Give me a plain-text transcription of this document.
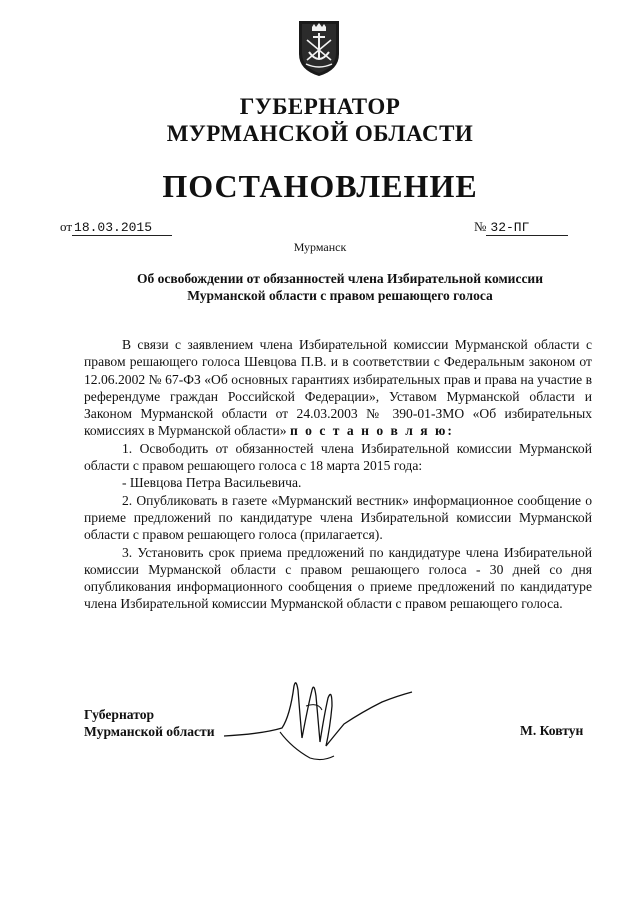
ГУБЕРНАТОР
МУРМАНСКОЙ ОБЛАСТИ
ПОСТАНОВЛЕНИЕ
от 18.03.2015	№ 32-ПГ
Мурманск
Об освобождении от обязанностей члена Избирательной комиссии
Мурманской области с правом решающего голоса

В связи с заявлением члена Избирательной комиссии Мурманской области с правом решающего голоса Шевцова П.В. и в соответствии с Федеральным законом от 12.06.2002 № 67-ФЗ «Об основных гарантиях избирательных прав и права на участие в референдуме граждан Российской Федерации», Уставом Мурманской области и Законом Мурманской области от 24.03.2003 № 390-01-ЗМО «Об избирательных комиссиях в Мурманской области» п о с т а н о в л я ю:

1. Освободить от обязанностей члена Избирательной комиссии Мурманской области с правом решающего голоса с 18 марта 2015 года:

- Шевцова Петра Васильевича.

2. Опубликовать в газете «Мурманский вестник» информационное сообщение о приеме предложений по кандидатуре члена Избирательной комиссии Мурманской области с правом решающего голоса (прилагается).

3. Установить срок приема предложений по кандидатуре члена Избирательной комиссии Мурманской области с правом решающего голоса - 30 дней со дня опубликования информационного сообщения о приеме предложений по кандидатуре члена Избирательной комиссии Мурманской области с правом решающего голоса.

Губернатор
Мурманской области	М. Ковтун
